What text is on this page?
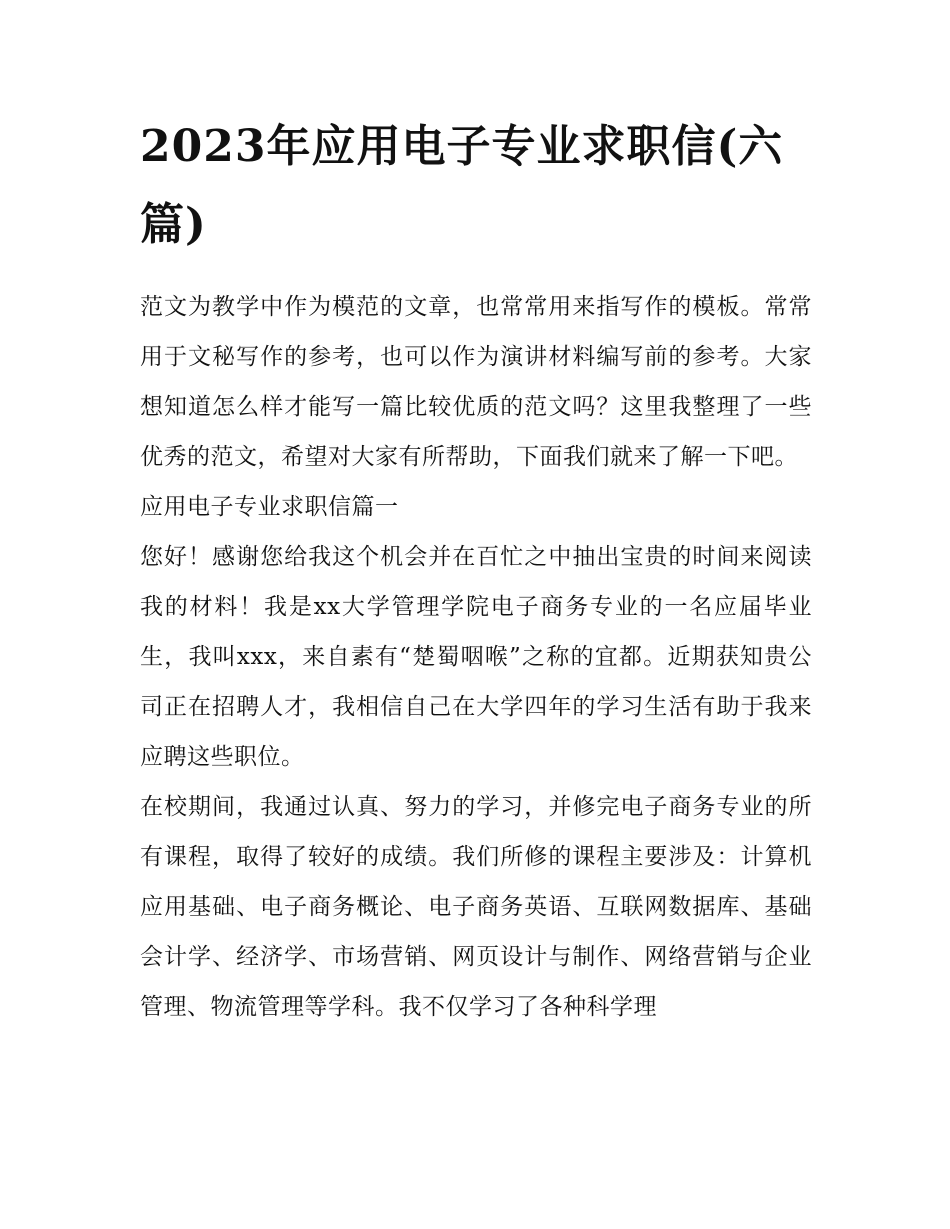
2023年应用电子专业求职信(六篇)

范文为教学中作为模范的文章，也常常用来指写作的模板。常常用于文秘写作的参考，也可以作为演讲材料编写前的参考。大家想知道怎么样才能写一篇比较优质的范文吗？这里我整理了一些优秀的范文，希望对大家有所帮助，下面我们就来了解一下吧。

应用电子专业求职信篇一

您好！感谢您给我这个机会并在百忙之中抽出宝贵的时间来阅读我的材料！我是xx大学管理学院电子商务专业的一名应届毕业生，我叫xxx，来自素有“楚蜀咽喉”之称的宜都。近期获知贵公司正在招聘人才，我相信自己在大学四年的学习生活有助于我来应聘这些职位。

在校期间，我通过认真、努力的学习，并修完电子商务专业的所有课程，取得了较好的成绩。我们所修的课程主要涉及：计算机应用基础、电子商务概论、电子商务英语、互联网数据库、基础会计学、经济学、市场营销、网页设计与制作、网络营销与企业管理、物流管理等学科。我不仅学习了各种科学理
